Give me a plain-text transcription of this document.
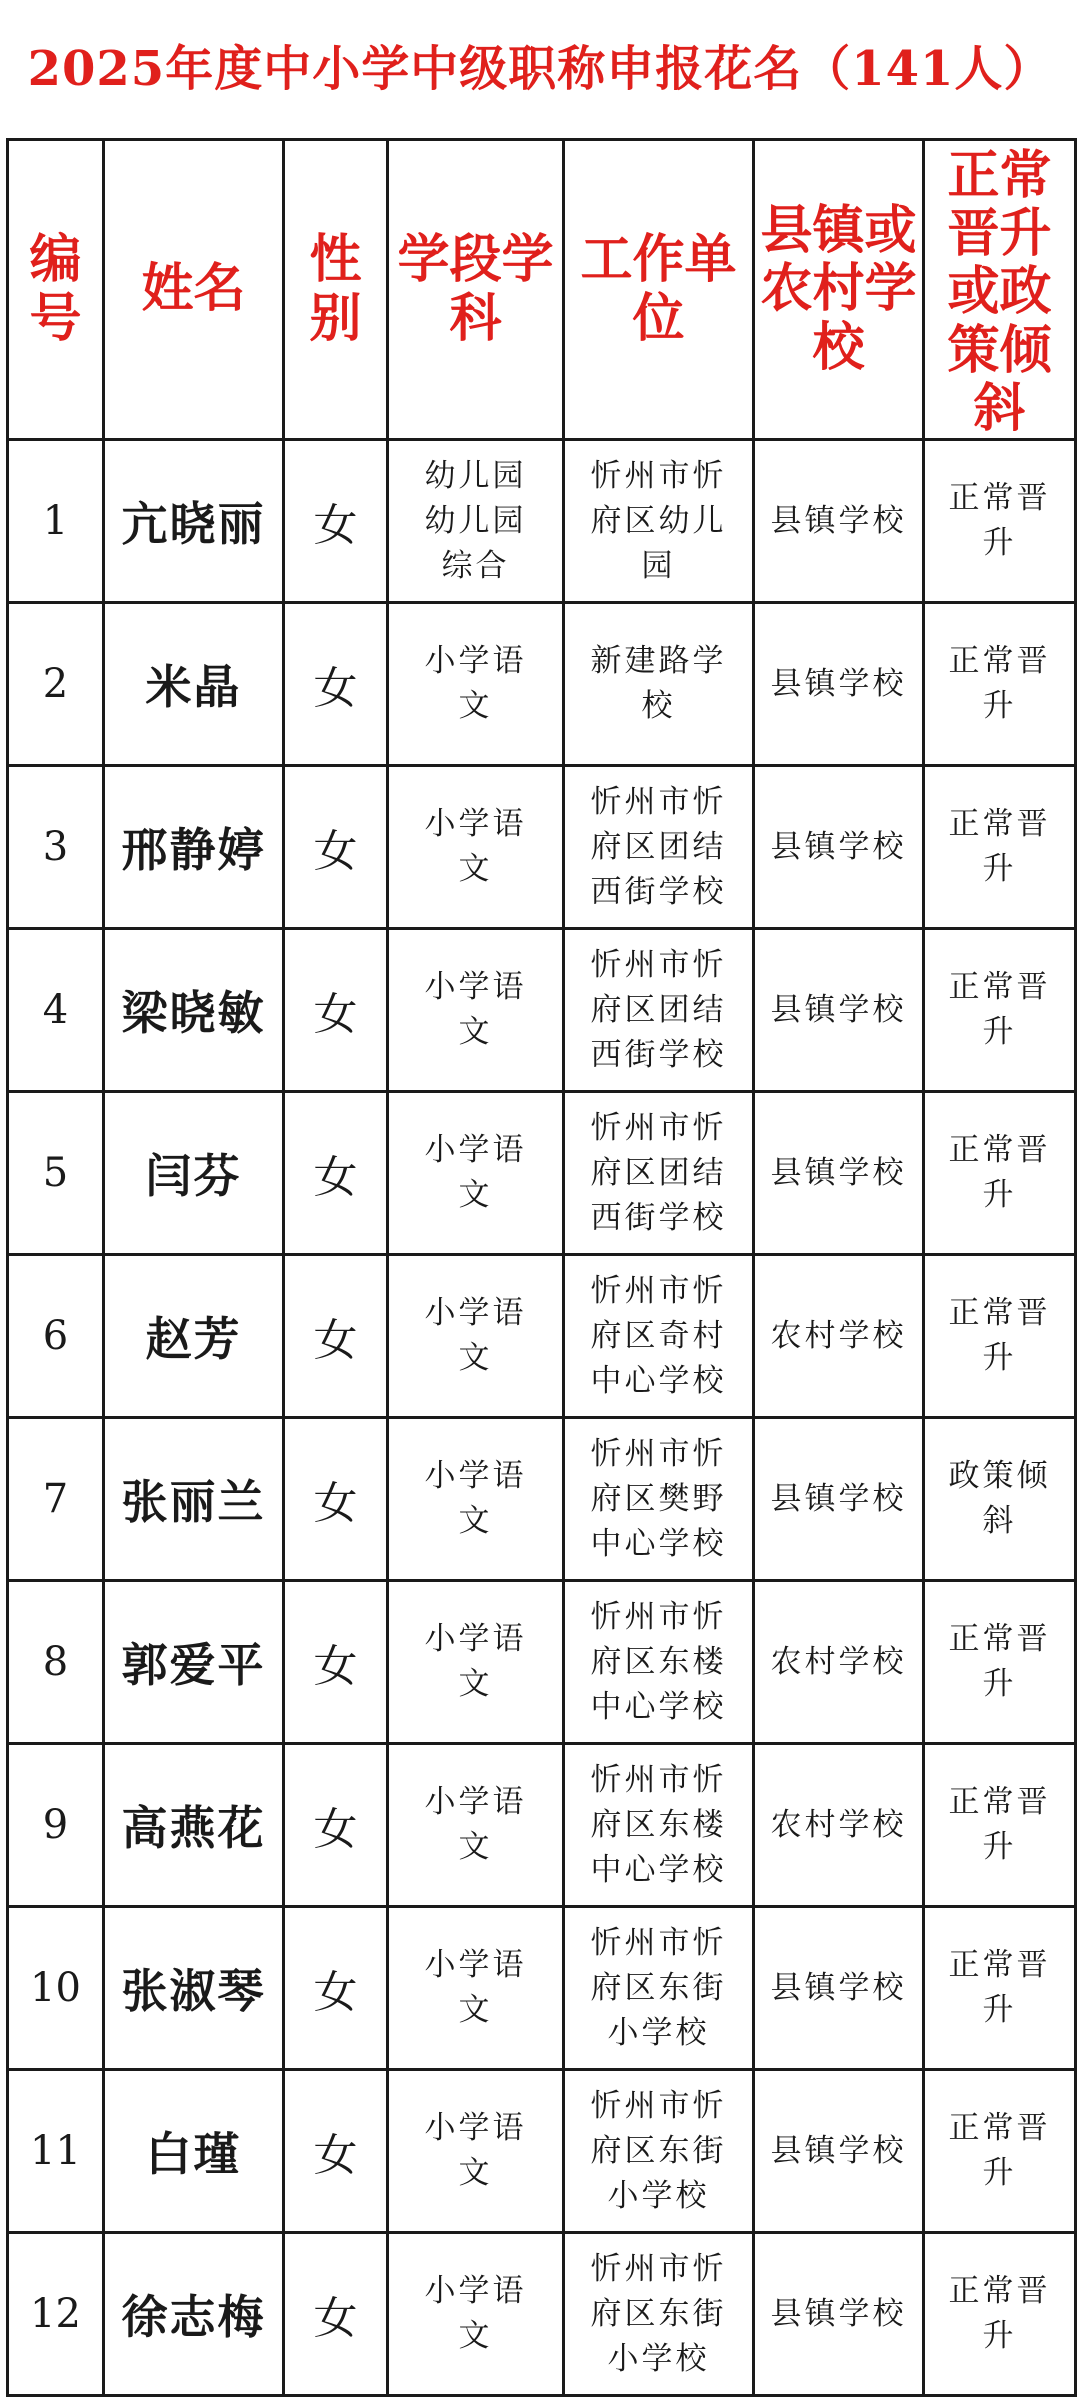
2025年度中小学中级职称申报花名（141人）
编号	姓名	性别	学段学科	工作单位	县镇或农村学校	正常晋升或政策倾斜

1	亢晓丽	女	幼儿园幼儿园综合	忻州市忻府区幼儿园	县镇学校	正常晋升
2	米晶	女	小学语文	新建路学校	县镇学校	正常晋升
3	邢静婷	女	小学语文	忻州市忻府区团结西街学校	县镇学校	正常晋升
4	梁晓敏	女	小学语文	忻州市忻府区团结西街学校	县镇学校	正常晋升
5	闫芬	女	小学语文	忻州市忻府区团结西街学校	县镇学校	正常晋升
6	赵芳	女	小学语文	忻州市忻府区奇村中心学校	农村学校	正常晋升
7	张丽兰	女	小学语文	忻州市忻府区樊野中心学校	县镇学校	政策倾斜
8	郭爱平	女	小学语文	忻州市忻府区东楼中心学校	农村学校	正常晋升
9	高燕花	女	小学语文	忻州市忻府区东楼中心学校	农村学校	正常晋升
10	张淑琴	女	小学语文	忻州市忻府区东街小学校	县镇学校	正常晋升
11	白瑾	女	小学语文	忻州市忻府区东街小学校	县镇学校	正常晋升
12	徐志梅	女	小学语文	忻州市忻府区东街小学校	县镇学校	正常晋升
